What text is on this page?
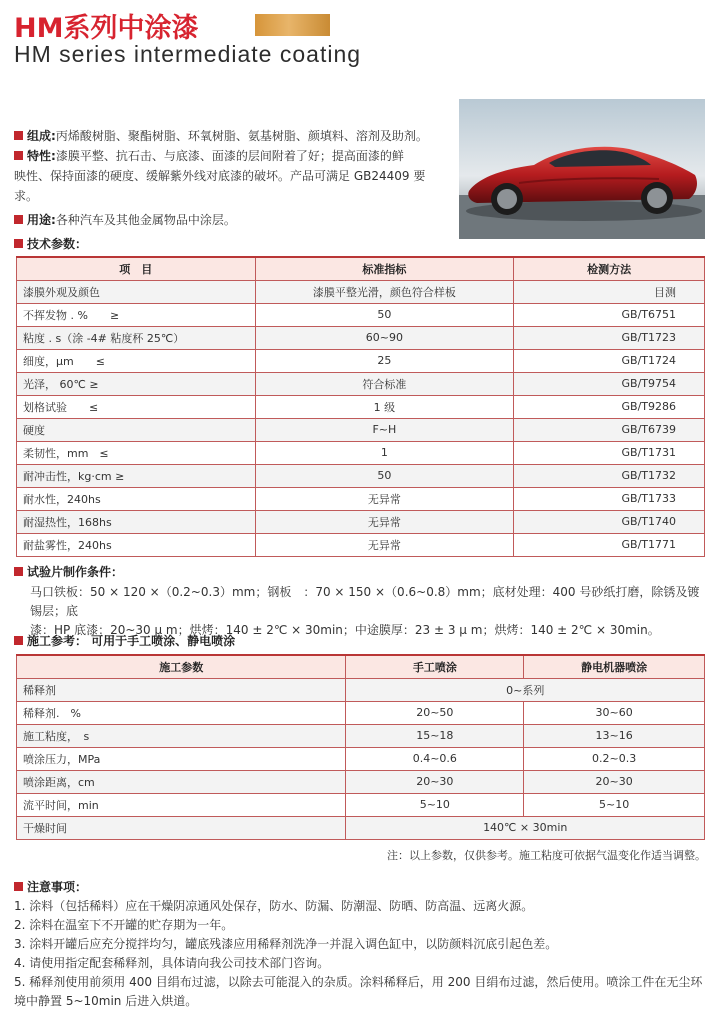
HM系列中涂漆
HM series intermediate coating

组成:丙烯酸树脂、聚酯树脂、环氧树脂、氨基树脂、颜填料、溶剂及助剂。

特性:漆膜平整、抗石击、与底漆、面漆的层间附着了好；提高面漆的鲜

映性、保持面漆的硬度、缓解紫外线对底漆的破坏。产品可满足 GB24409 要

求。

用途:各种汽车及其他金属物品中涂层。

技术参数：
项　目	标准指标	检测方法
漆膜外观及颜色	漆膜平整光滑，颜色符合样板	目测
不挥发物 . %　　≥	50	GB/T6751
粘度 . s（涂 -4# 粘度杯 25℃）	60~90	GB/T1723
细度，μm　　≤	25	GB/T1724
光泽， 60℃ ≥	符合标准	GB/T9754
划格试验　　≤	1 级	GB/T9286
硬度	F~H	GB/T6739
柔韧性，mm　≤	1	GB/T1731
耐冲击性，kg·cm ≥	50	GB/T1732
耐水性，240hs	无异常	GB/T1733
耐湿热性，168hs	无异常	GB/T1740
耐盐雾性，240hs	无异常	GB/T1771
试验片制作条件：
马口铁板：50 × 120 ×（0.2~0.3）mm；钢板　：70 × 150 ×（0.6~0.8）mm；底材处理：400 号砂纸打磨，除锈及镀锡层；底
漆：HP 底漆：20~30 μ m；烘烤：140 ± 2℃ × 30min；中途膜厚：23 ± 3 μ m；烘烤：140 ± 2℃ × 30min。
施工参考： 可用于手工喷涂、静电喷涂
施工参数	手工喷涂	静电机器喷涂
稀释剂	0~系列	
稀释剂.　%	20~50	30~60
施工粘度，　s	15~18	13~16
喷涂压力，MPa	0.4~0.6	0.2~0.3
喷涂距离，cm	20~30	20~30
流平时间，min	5~10	5~10
干燥时间	140℃ × 30min	
注：以上参数，仅供参考。施工粘度可依据气温变化作适当调整。
注意事项：
1. 涂料（包括稀料）应在干燥阴凉通风处保存，防水、防漏、防潮湿、防晒、防高温、远离火源。
2. 涂料在温室下不开罐的贮存期为一年。
3. 涂料开罐后应充分搅拌均匀，罐底残漆应用稀释剂洗净一并混入调色缸中，以防颜料沉底引起色差。
4. 请使用指定配套稀释剂，具体请向我公司技术部门咨询。
5. 稀释剂使用前须用 400 目绢布过滤，以除去可能混入的杂质。涂料稀释后，用 200 目绢布过滤，然后使用。喷涂工件在无尘环
境中静置 5~10min 后进入烘道。
